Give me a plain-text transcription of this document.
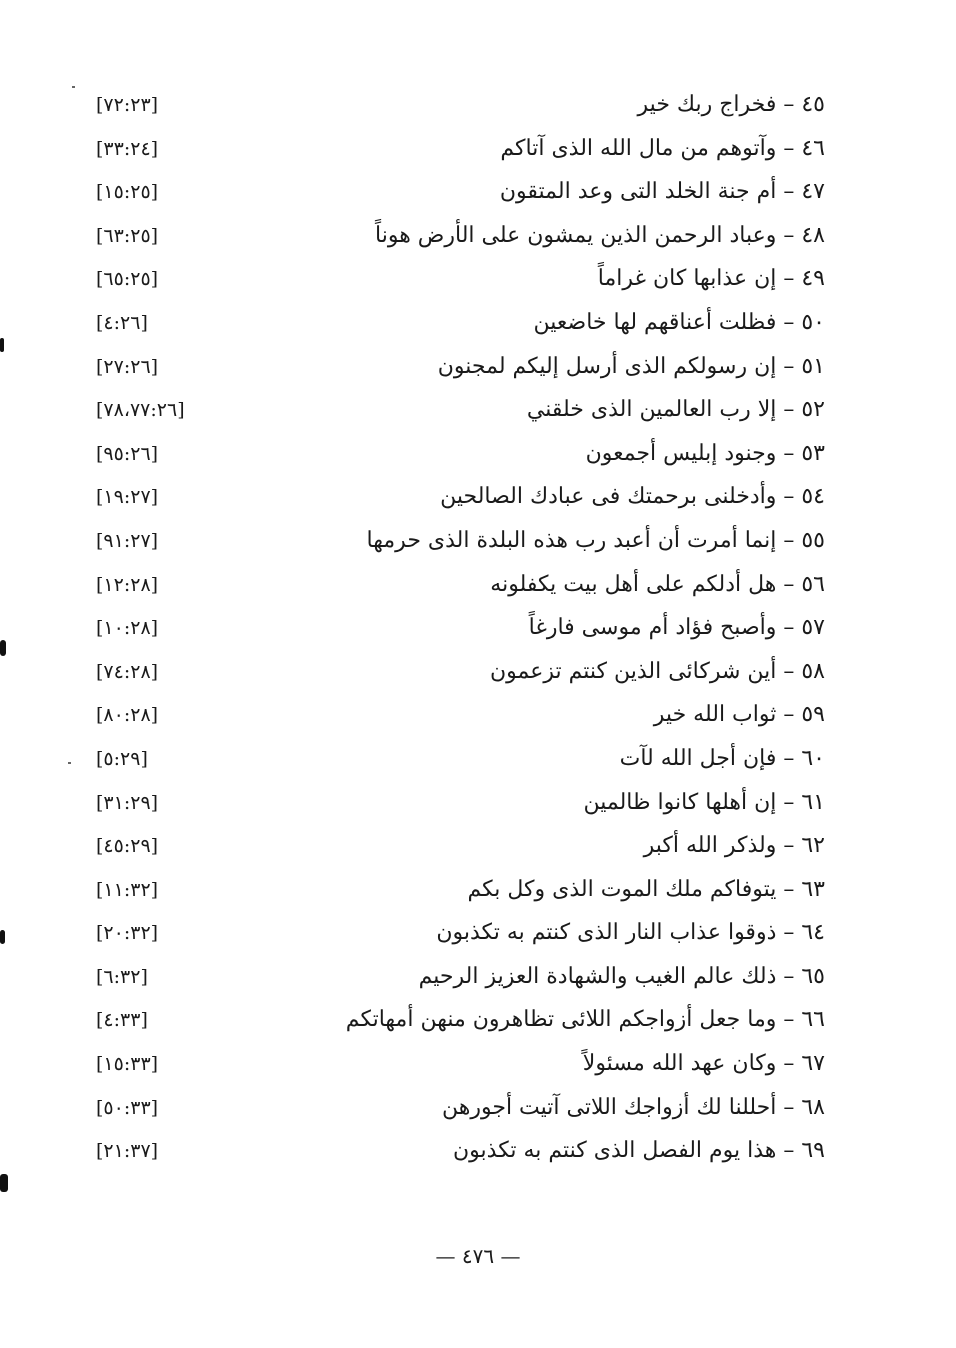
٤٥ – فخراج ربك خير
[٧٢:٢٣]
٤٦ – وآتوهم من مال الله الذى آتاكم
[٣٣:٢٤]
٤٧ – أم جنة الخلد التى وعد المتقون
[١٥:٢٥]
٤٨ – وعباد الرحمن الذين يمشون على الأرض هوناً
[٦٣:٢٥]
٤٩ – إن عذابها كان غراماً
[٦٥:٢٥]
٥٠ – فظلت أعناقهم لها خاضعين
[٤:٢٦]
٥١ – إن رسولكم الذى أرسل إليكم لمجنون
[٢٧:٢٦]
٥٢ – إلا رب العالمين الذى خلقني
[٧٨،٧٧:٢٦]
٥٣ – وجنود إبليس أجمعون
[٩٥:٢٦]
٥٤ – وأدخلنى برحمتك فى عبادك الصالحين
[١٩:٢٧]
٥٥ – إنما أمرت أن أعبد رب هذه البلدة الذى حرمها
[٩١:٢٧]
٥٦ – هل أدلكم على أهل بيت يكفلونه
[١٢:٢٨]
٥٧ – وأصبح فؤاد أم موسى فارغاً
[١٠:٢٨]
٥٨ – أين شركائى الذين كنتم تزعمون
[٧٤:٢٨]
٥٩ – ثواب الله خير
[٨٠:٢٨]
٦٠ – فإن أجل الله لآت
[٥:٢٩]
٦١ – إن أهلها كانوا ظالمين
[٣١:٢٩]
٦٢ – ولذكر الله أكبر
[٤٥:٢٩]
٦٣ – يتوفاكم ملك الموت الذى وكل بكم
[١١:٣٢]
٦٤ – ذوقوا عذاب النار الذى كنتم به تكذبون
[٢٠:٣٢]
٦٥ – ذلك عالم الغيب والشهادة العزيز الرحيم
[٦:٣٢]
٦٦ – وما جعل أزواجكم اللائى تظاهرون منهن أمهاتكم
[٤:٣٣]
٦٧ – وكان عهد الله مسئولاً
[١٥:٣٣]
٦٨ – أحللنا لك أزواجك اللاتى آتيت أجورهن
[٥٠:٣٣]
٦٩ – هذا يوم الفصل الذى كنتم به تكذبون
[٢١:٣٧]
— ٤٧٦ —
